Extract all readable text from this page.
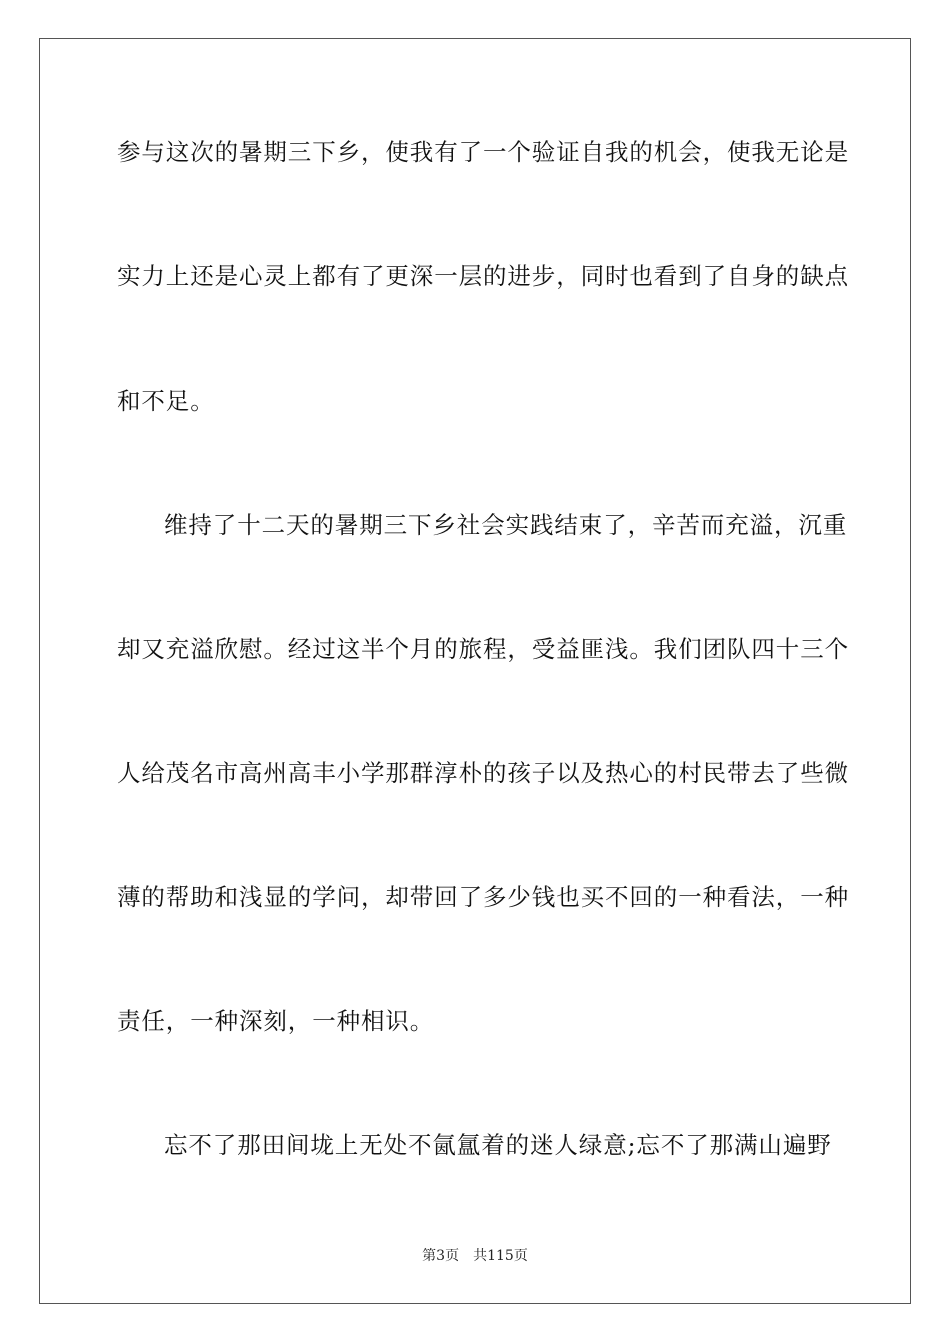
参与这次的暑期三下乡，使我有了一个验证自我的机会，使我无论是
实力上还是心灵上都有了更深一层的进步，同时也看到了自身的缺点
和不足。
维持了十二天的暑期三下乡社会实践结束了，辛苦而充溢，沉重
却又充溢欣慰。经过这半个月的旅程，受益匪浅。我们团队四十三个
人给茂名市高州高丰小学那群淳朴的孩子以及热心的村民带去了些微
薄的帮助和浅显的学问，却带回了多少钱也买不回的一种看法，一种
责任，一种深刻，一种相识。
忘不了那田间垅上无处不氤氲着的迷人绿意;忘不了那满山遍野
第3页 共115页
